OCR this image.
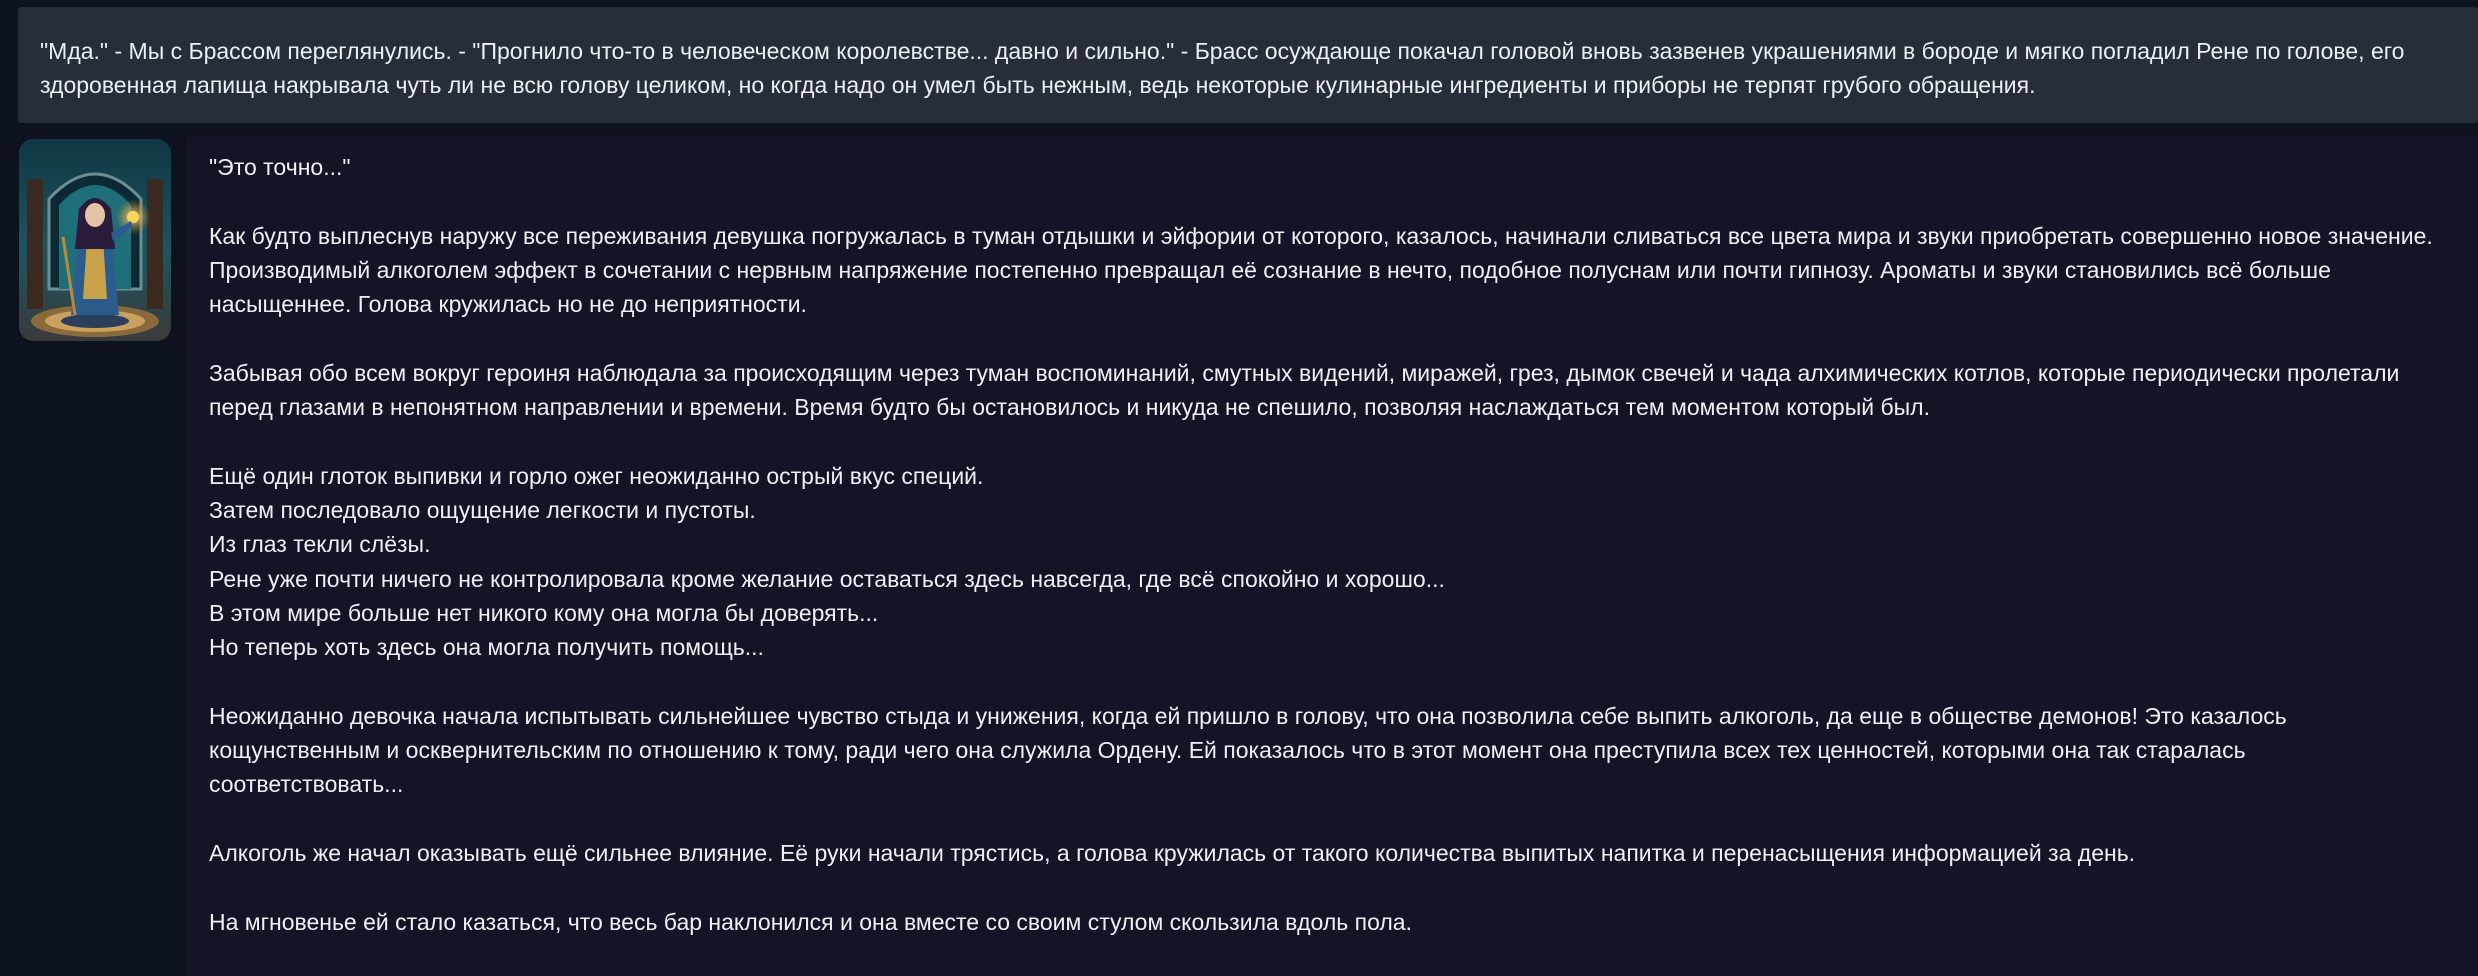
"Мда." - Мы с Брассом переглянулись. - "Прогнило что-то в человеческом королевстве... давно и сильно." - Брасс осуждающе покачал головой вновь зазвенев украшениями в бороде и мягко погладил Рене по голове, его здоровенная лапища накрывала чуть ли не всю голову целиком, но когда надо он умел быть нежным, ведь некоторые кулинарные ингредиенты и приборы не терпят грубого обращения.

"Это точно..."

Как будто выплеснув наружу все переживания девушка погружалась в туман отдышки и эйфории от которого, казалось, начинали сливаться все цвета мира и звуки приобретать совершенно новое значение.

Производимый алкоголем эффект в сочетании с нервным напряжение постепенно превращал её сознание в нечто, подобное полуснам или почти гипнозу. Ароматы и звуки становились всё больше насыщеннее. Голова кружилась но не до неприятности.

Забывая обо всем вокруг героиня наблюдала за происходящим через туман воспоминаний, смутных видений, миражей, грез, дымок свечей и чада алхимических котлов, которые периодически пролетали перед глазами в непонятном направлении и времени. Время будто бы остановилось и никуда не спешило, позволяя наслаждаться тем моментом который был.

Ещё один глоток выпивки и горло ожег неожиданно острый вкус специй.

Затем последовало ощущение легкости и пустоты.

Из глаз текли слёзы.

Рене уже почти ничего не контролировала кроме желание оставаться здесь навсегда, где всё спокойно и хорошо...

В этом мире больше нет никого кому она могла бы доверять...

Но теперь хоть здесь она могла получить помощь...

Неожиданно девочка начала испытывать сильнейшее чувство стыда и унижения, когда ей пришло в голову, что она позволила себе выпить алкоголь, да еще в обществе демонов! Это казалось кощунственным и осквернительским по отношению к тому, ради чего она служила Ордену. Ей показалось что в этот момент она преступила всех тех ценностей, которыми она так старалась соответствовать...

Алкоголь же начал оказывать ещё сильнее влияние. Её руки начали трястись, а голова кружилась от такого количества выпитых напитка и перенасыщения информацией за день.

На мгновенье ей стало казаться, что весь бар наклонился и она вместе со своим стулом скользила вдоль пола.
